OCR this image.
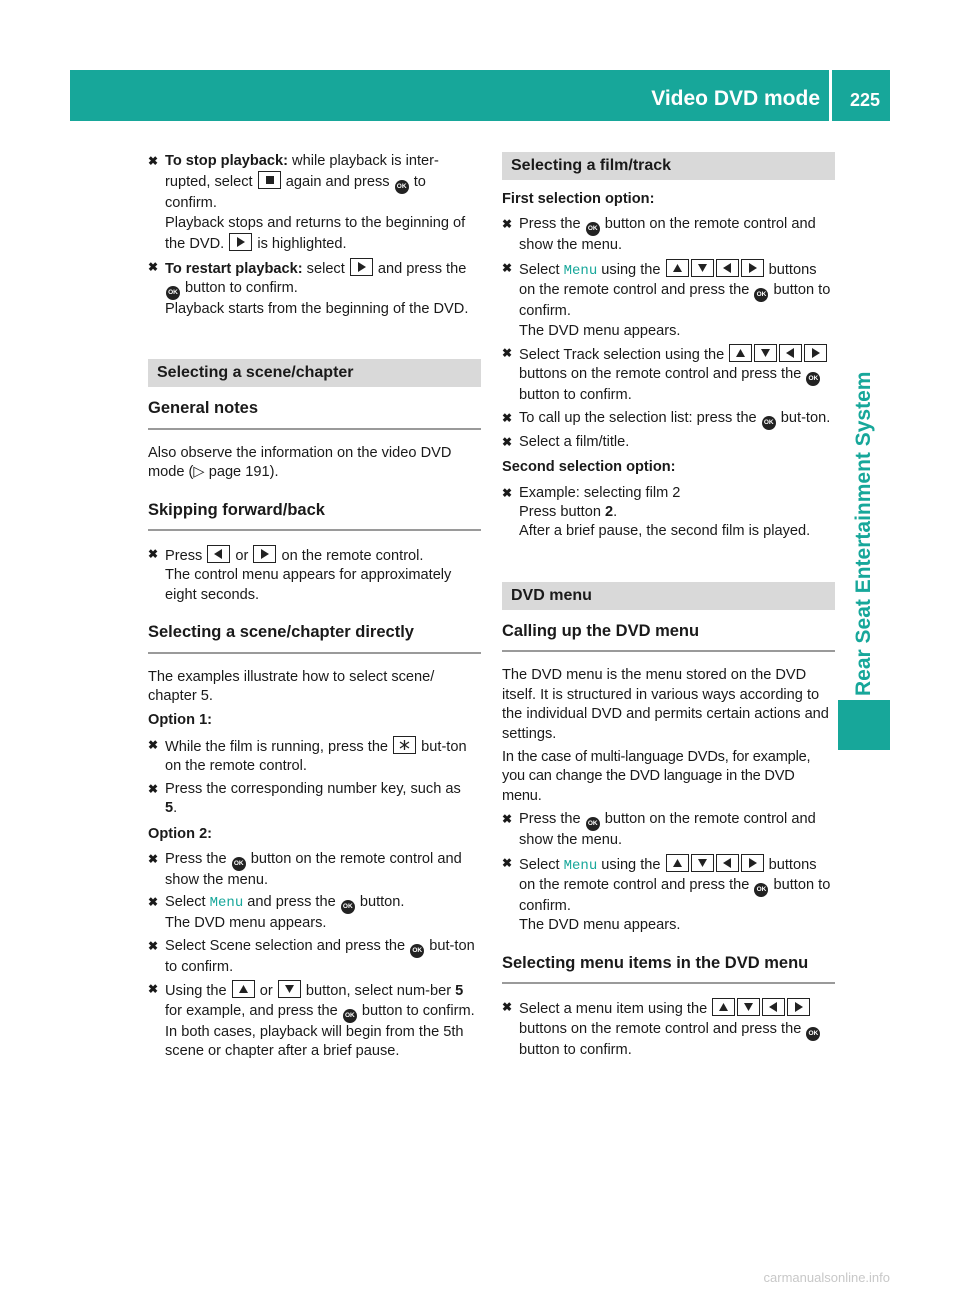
Video DVD mode 225
Rear Seat Entertainment System
✖ To stop playback: while playback is inter-rupted, select
again and press OK to confirm.
Playback stops and returns to the beginning of the DVD.
is highlighted.
✖ To restart playback: select
and press the OK button to confirm.
Playback starts from the beginning of the DVD.
Selecting a scene/chapter
General notes
Also observe the information on the video DVD mode (▷ page 191).
Skipping forward/back
✖ Press
or
on the remote control.
The control menu appears for approximately eight seconds.
Selecting a scene/chapter directly
The examples illustrate how to select scene/ chapter 5.
Option 1:
✖ While the film is running, press the
but-ton on the remote control.
✖ Press the corresponding number key, such as
5.
Option 2:
✖ Press the OK button on the remote control and show the menu.
✖ Select Menu and press the OK button.
The DVD menu appears.
✖ Select Scene selection and press the OK but-ton to confirm.
✖ Using the
or
button, select num-ber 5 for example, and press the OK button to confirm.
In both cases, playback will begin from the 5th scene or chapter after a brief pause.
Selecting a film/track
First selection option:
✖ Press the OK button on the remote control and show the menu.
✖ Select Menu using the	buttons on the remote control and press the OK button to confirm.
The DVD menu appears.
✖ Select Track selection using the
buttons on the remote control and press the OK button to confirm.
✖ To call up the selection list: press the OK but-ton.
✖ Select a film/title.
Second selection option:
✖ Example: selecting film 2
Press button 2.
After a brief pause, the second film is played.
DVD menu
Calling up the DVD menu
The DVD menu is the menu stored on the DVD itself. It is structured in various ways according to the individual DVD and permits certain actions and settings.
In the case of multi-language DVDs, for example, you can change the DVD language in the DVD menu.
✖ Press the OK button on the remote control and show the menu.
✖ Select Menu using the	buttons on the remote control and press the OK button to confirm.
The DVD menu appears.
Selecting menu items in the DVD menu
✖ Select a menu item using the
buttons on the remote control and press the OK button to confirm.
carmanualsonline.info
